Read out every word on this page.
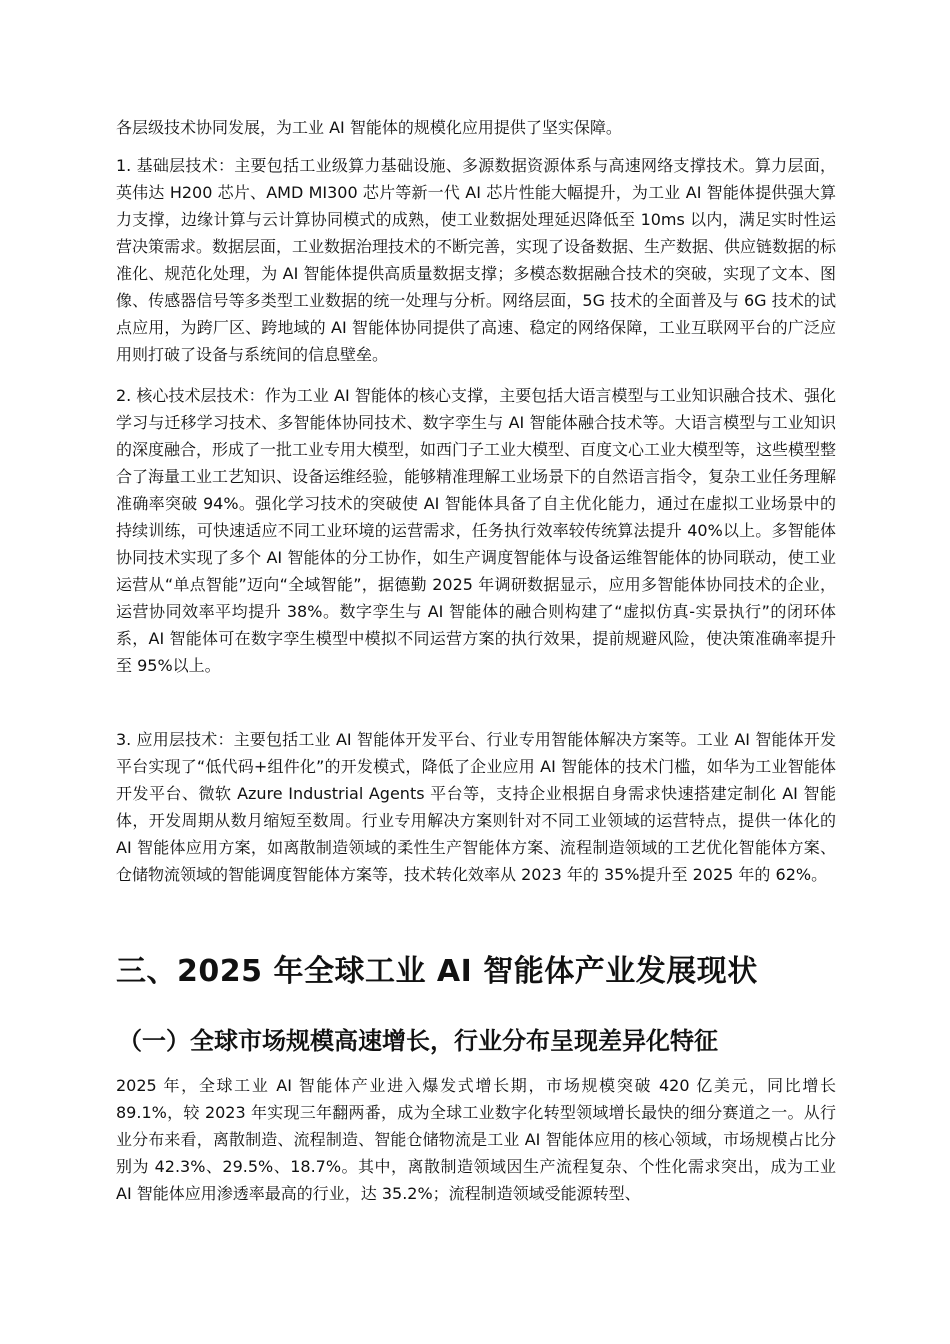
各层级技术协同发展，为工业 AI 智能体的规模化应用提供了坚实保障。

1. 基础层技术：主要包括工业级算力基础设施、多源数据资源体系与高速网络支撑技术。算力层面，英伟达 H200 芯片、AMD MI300 芯片等新一代 AI 芯片性能大幅提升，为工业 AI 智能体提供强大算力支撑，边缘计算与云计算协同模式的成熟，使工业数据处理延迟降低至 10ms 以内，满足实时性运营决策需求。数据层面，工业数据治理技术的不断完善，实现了设备数据、生产数据、供应链数据的标准化、规范化处理，为 AI 智能体提供高质量数据支撑；多模态数据融合技术的突破，实现了文本、图像、传感器信号等多类型工业数据的统一处理与分析。网络层面，5G 技术的全面普及与 6G 技术的试点应用，为跨厂区、跨地域的 AI 智能体协同提供了高速、稳定的网络保障，工业互联网平台的广泛应用则打破了设备与系统间的信息壁垒。

2. 核心技术层技术：作为工业 AI 智能体的核心支撑，主要包括大语言模型与工业知识融合技术、强化学习与迁移学习技术、多智能体协同技术、数字孪生与 AI 智能体融合技术等。大语言模型与工业知识的深度融合，形成了一批工业专用大模型，如西门子工业大模型、百度文心工业大模型等，这些模型整合了海量工业工艺知识、设备运维经验，能够精准理解工业场景下的自然语言指令，复杂工业任务理解准确率突破 94%。强化学习技术的突破使 AI 智能体具备了自主优化能力，通过在虚拟工业场景中的持续训练，可快速适应不同工业环境的运营需求，任务执行效率较传统算法提升 40%以上。多智能体协同技术实现了多个 AI 智能体的分工协作，如生产调度智能体与设备运维智能体的协同联动，使工业运营从“单点智能”迈向“全域智能”，据德勤 2025 年调研数据显示，应用多智能体协同技术的企业，运营协同效率平均提升 38%。数字孪生与 AI 智能体的融合则构建了“虚拟仿真-实景执行”的闭环体系，AI 智能体可在数字孪生模型中模拟不同运营方案的执行效果，提前规避风险，使决策准确率提升至 95%以上。

3. 应用层技术：主要包括工业 AI 智能体开发平台、行业专用智能体解决方案等。工业 AI 智能体开发平台实现了“低代码+组件化”的开发模式，降低了企业应用 AI 智能体的技术门槛，如华为工业智能体开发平台、微软 Azure Industrial Agents 平台等，支持企业根据自身需求快速搭建定制化 AI 智能体，开发周期从数月缩短至数周。行业专用解决方案则针对不同工业领域的运营特点，提供一体化的 AI 智能体应用方案，如离散制造领域的柔性生产智能体方案、流程制造领域的工艺优化智能体方案、仓储物流领域的智能调度智能体方案等，技术转化效率从 2023 年的 35%提升至 2025 年的 62%。

三、2025 年全球工业 AI 智能体产业发展现状
（一）全球市场规模高速增长，行业分布呈现差异化特征

2025 年，全球工业 AI 智能体产业进入爆发式增长期，市场规模突破 420 亿美元，同比增长 89.1%，较 2023 年实现三年翻两番，成为全球工业数字化转型领域增长最快的细分赛道之一。从行业分布来看，离散制造、流程制造、智能仓储物流是工业 AI 智能体应用的核心领域，市场规模占比分别为 42.3%、29.5%、18.7%。其中，离散制造领域因生产流程复杂、个性化需求突出，成为工业 AI 智能体应用渗透率最高的行业，达 35.2%；流程制造领域受能源转型、
